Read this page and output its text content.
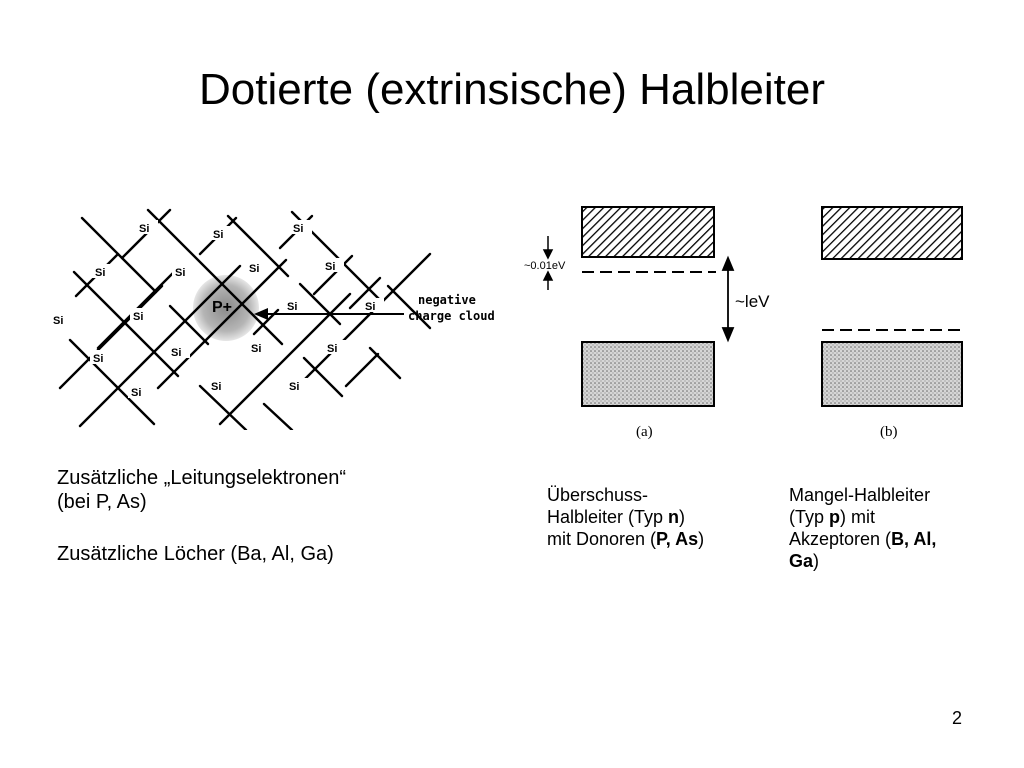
Dotierte (extrinsische) Halbleiter
Si	Si	Si
Si	Si	Si	Si
Si	Si
Si	Si
Si	Si	Si	Si
Si	Si	Si
P+	negative
charge cloud
~0.01eV
~leV
(a)	(b)
Zusätzliche „Leitungselektronen“
(bei P, As)
Zusätzliche Löcher (Ba, Al, Ga)
Überschuss-
Halbleiter (Typ n)
mit Donoren (P, As)
Mangel-Halbleiter
(Typ p) mit
Akzeptoren (B, Al,
Ga)
2
